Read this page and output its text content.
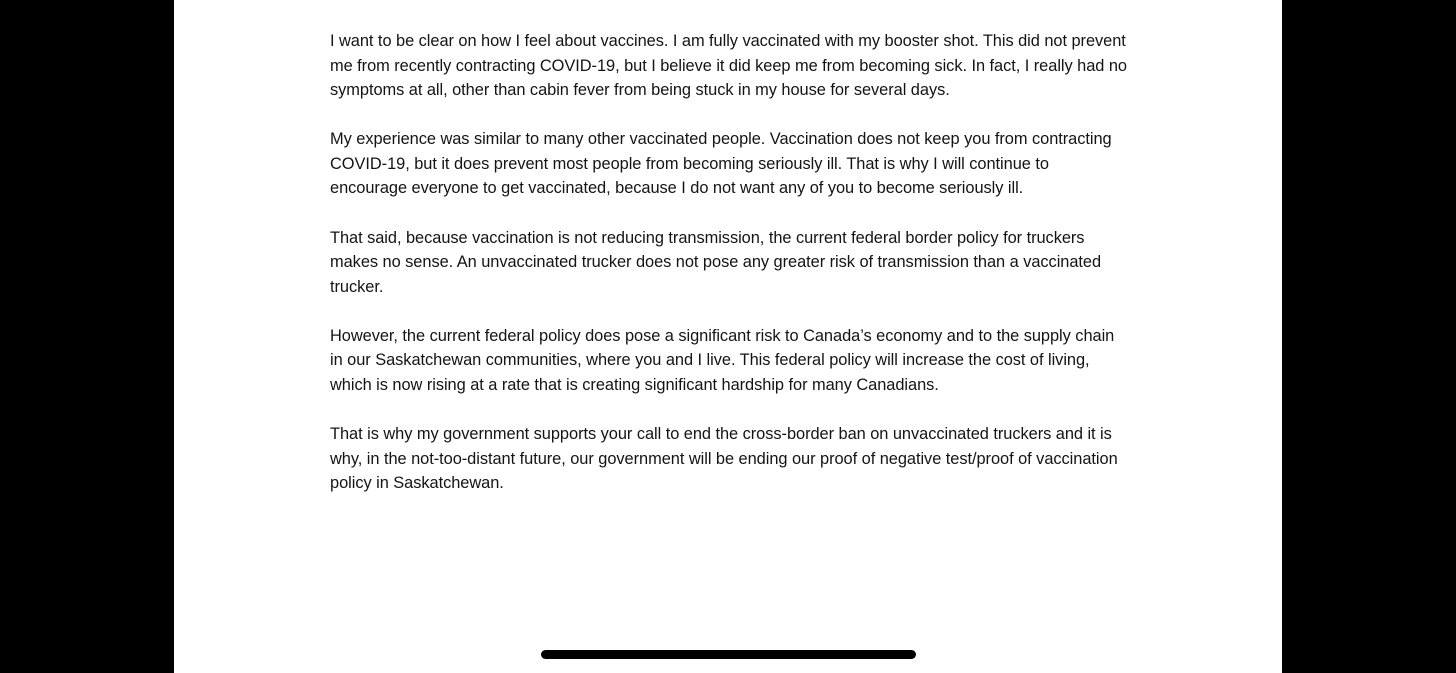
I want to be clear on how I feel about vaccines. I am fully vaccinated with my booster shot. This did not prevent me from recently contracting COVID-19, but I believe it did keep me from becoming sick. In fact, I really had no symptoms at all, other than cabin fever from being stuck in my house for several days.

My experience was similar to many other vaccinated people. Vaccination does not keep you from contracting COVID-19, but it does prevent most people from becoming seriously ill. That is why I will continue to encourage everyone to get vaccinated, because I do not want any of you to become seriously ill.

That said, because vaccination is not reducing transmission, the current federal border policy for truckers makes no sense. An unvaccinated trucker does not pose any greater risk of transmission than a vaccinated trucker.

However, the current federal policy does pose a significant risk to Canada’s economy and to the supply chain in our Saskatchewan communities, where you and I live. This federal policy will increase the cost of living, which is now rising at a rate that is creating significant hardship for many Canadians.

That is why my government supports your call to end the cross-border ban on unvaccinated truckers and it is why, in the not-too-distant future, our government will be ending our proof of negative test/proof of vaccination policy in Saskatchewan.
